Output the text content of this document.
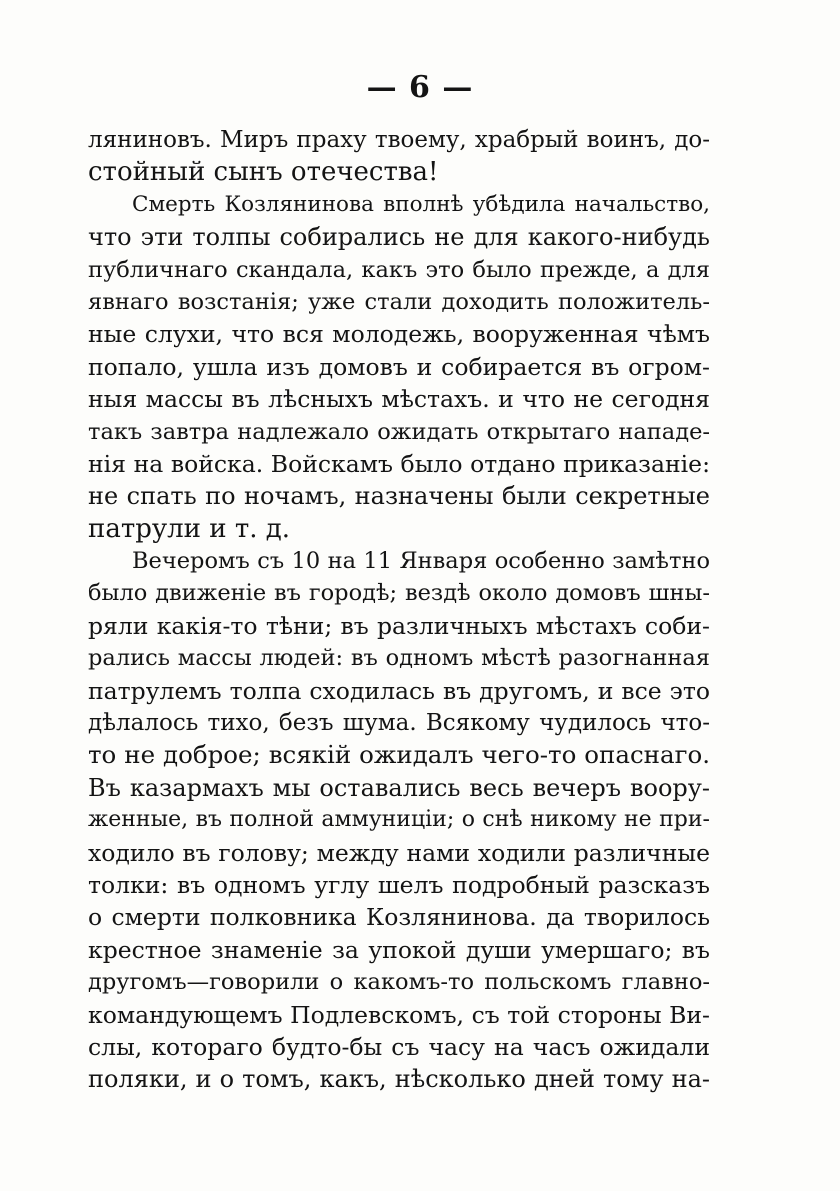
— 6 —
ляниновъ. Миръ праху твоему, храбрый воинъ, до-
стойный сынъ отечества!
Смерть Козлянинова вполнѣ убѣдила начальство,
что эти толпы собирались не для какого-нибудь
публичнаго скандала, какъ это было прежде, а для
явнаго возстанія; уже стали доходить положитель-
ные слухи, что вся молодежь, вооруженная чѣмъ
попало, ушла изъ домовъ и собирается въ огром-
ныя массы въ лѣсныхъ мѣстахъ. и что не сегодня
такъ завтра надлежало ожидать открытаго нападе-
нія на войска. Войскамъ было отдано приказаніе:
не спать по ночамъ, назначены были секретные
патрули и т. д.
Вечеромъ съ 10 на 11 Января особенно замѣтно
было движеніе въ городѣ; вездѣ около домовъ шны-
ряли какія-то тѣни; въ различныхъ мѣстахъ соби-
рались массы людей: въ одномъ мѣстѣ разогнанная
патрулемъ толпа сходилась въ другомъ, и все это
дѣлалось тихо, безъ шума. Всякому чудилось что-
то не доброе; всякій ожидалъ чего-то опаснаго.
Въ казармахъ мы оставались весь вечеръ воору-
женные, въ полной аммуниціи; о снѣ никому не при-
ходило въ голову; между нами ходили различные
толки: въ одномъ углу шелъ подробный разсказъ
о смерти полковника Козлянинова. да творилось
крестное знаменіе за упокой души умершаго; въ
другомъ—говорили о какомъ-то польскомъ главно-
командующемъ Подлевскомъ, съ той стороны Ви-
слы, котораго будто-бы съ часу на часъ ожидали
поляки, и о томъ, какъ, нѣсколько дней тому на-
